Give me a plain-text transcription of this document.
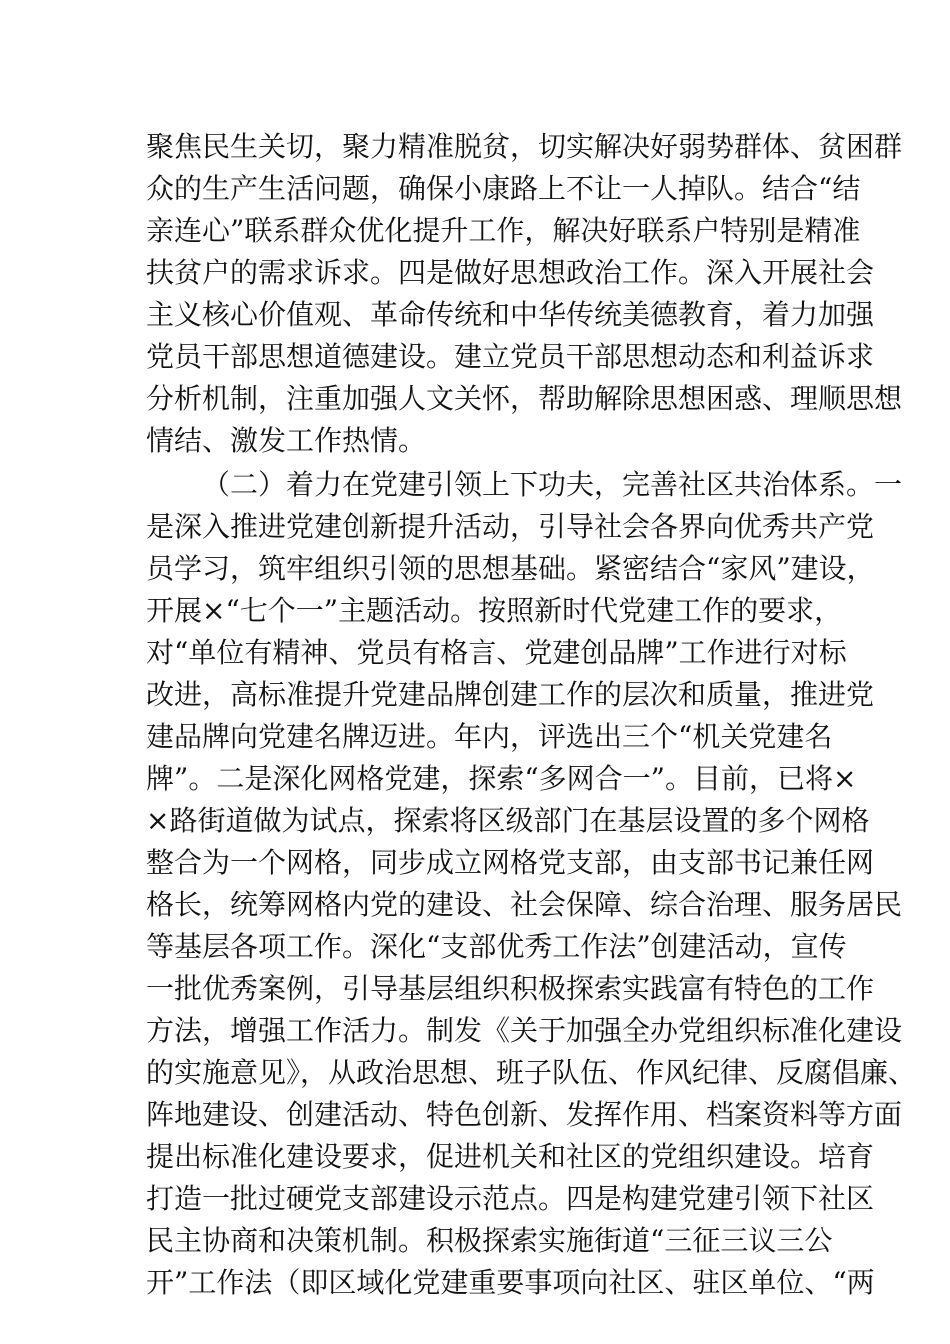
聚焦民生关切，聚力精准脱贫，切实解决好弱势群体、贫困群
众的生产生活问题，确保小康路上不让一人掉队。结合“结
亲连心”联系群众优化提升工作，解决好联系户特别是精准
扶贫户的需求诉求。四是做好思想政治工作。深入开展社会
主义核心价值观、革命传统和中华传统美德教育，着力加强
党员干部思想道德建设。建立党员干部思想动态和利益诉求
分析机制，注重加强人文关怀，帮助解除思想困惑、理顺思想
情结、激发工作热情。
（二）着力在党建引领上下功夫，完善社区共治体系。一
是深入推进党建创新提升活动，引导社会各界向优秀共产党
员学习，筑牢组织引领的思想基础。紧密结合“家风”建设，
开展×“七个一”主题活动。按照新时代党建工作的要求，
对“单位有精神、党员有格言、党建创品牌”工作进行对标
改进，高标准提升党建品牌创建工作的层次和质量，推进党
建品牌向党建名牌迈进。年内，评选出三个“机关党建名
牌”。二是深化网格党建，探索“多网合一”。目前，已将×
×路街道做为试点，探索将区级部门在基层设置的多个网格
整合为一个网格，同步成立网格党支部，由支部书记兼任网
格长，统筹网格内党的建设、社会保障、综合治理、服务居民
等基层各项工作。深化“支部优秀工作法”创建活动，宣传
一批优秀案例，引导基层组织积极探索实践富有特色的工作
方法，增强工作活力。制发《关于加强全办党组织标准化建设
的实施意见》，从政治思想、班子队伍、作风纪律、反腐倡廉、
阵地建设、创建活动、特色创新、发挥作用、档案资料等方面
提出标准化建设要求，促进机关和社区的党组织建设。培育
打造一批过硬党支部建设示范点。四是构建党建引领下社区
民主协商和决策机制。积极探索实施街道“三征三议三公
开”工作法（即区域化党建重要事项向社区、驻区单位、“两
